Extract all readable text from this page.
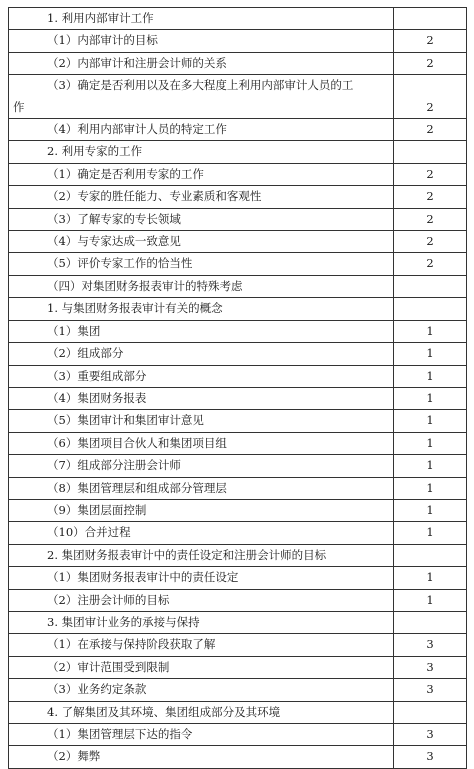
1. 利用内部审计工作	

（1）内部审计的目标	2

（2）内部审计和注册会计师的关系	2

（3）确定是否利用以及在多大程度上利用内部审计人员的工
作	2

（4）利用内部审计人员的特定工作	2

2. 利用专家的工作	

（1）确定是否利用专家的工作	2

（2）专家的胜任能力、专业素质和客观性	2

（3）了解专家的专长领域	2

（4）与专家达成一致意见	2

（5）评价专家工作的恰当性	2

（四）对集团财务报表审计的特殊考虑	

1. 与集团财务报表审计有关的概念	

（1）集团	1

（2）组成部分	1

（3）重要组成部分	1

（4）集团财务报表	1

（5）集团审计和集团审计意见	1

（6）集团项目合伙人和集团项目组	1

（7）组成部分注册会计师	1

（8）集团管理层和组成部分管理层	1

（9）集团层面控制	1

（10）合并过程	1

2. 集团财务报表审计中的责任设定和注册会计师的目标	

（1）集团财务报表审计中的责任设定	1

（2）注册会计师的目标	1

3. 集团审计业务的承接与保持	

（1）在承接与保持阶段获取了解	3

（2）审计范围受到限制	3

（3）业务约定条款	3

4. 了解集团及其环境、集团组成部分及其环境	

（1）集团管理层下达的指令	3

（2）舞弊	3
